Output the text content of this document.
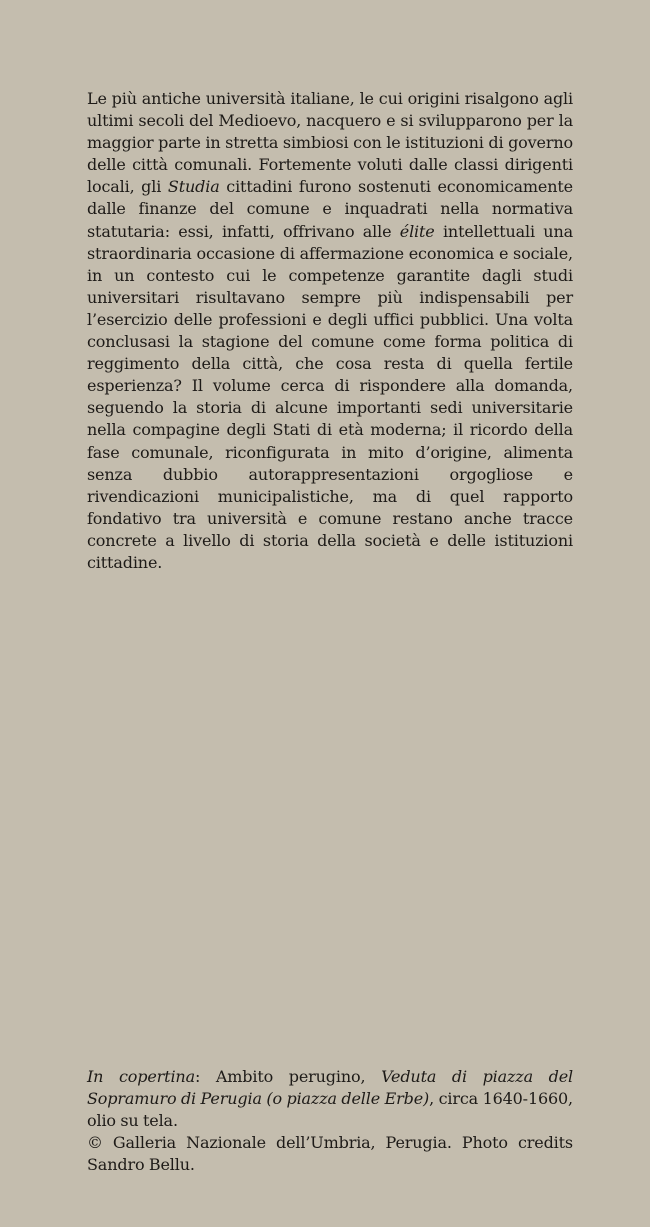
Le più antiche università italiane, le cui origini risalgono agli ultimi secoli del Medioevo, nacquero e si svilupparono per la maggior parte in stretta simbiosi con le istituzioni di governo delle città comunali. Fortemente voluti dalle classi dirigenti locali, gli Studia cittadini furono sostenuti economicamente dalle finanze del comune e inquadrati nella normativa statutaria: essi, infatti, offrivano alle élite intellettuali una straordinaria occasione di affermazione economica e sociale, in un contesto cui le competenze garantite dagli studi universitari risultavano sempre più indispensabili per l’esercizio delle professioni e degli uffici pubblici. Una volta conclusasi la stagione del comune come forma politica di reggimento della città, che cosa resta di quella fertile esperienza? Il volume cerca di rispondere alla domanda, seguendo la storia di alcune importanti sedi universitarie nella compagine degli Stati di età moderna; il ricordo della fase comunale, riconfigurata in mito d’origine, alimenta senza dubbio autorappresentazioni orgogliose e rivendicazioni municipalistiche, ma di quel rapporto fondativo tra università e comune restano anche tracce concrete a livello di storia della società e delle istituzioni cittadine.

In copertina: Ambito perugino, Veduta di piazza del Sopramuro di Perugia (o piazza delle Erbe), circa 1640-1660, olio su tela.
© Galleria Nazionale dell’Umbria, Perugia. Photo credits Sandro Bellu.
